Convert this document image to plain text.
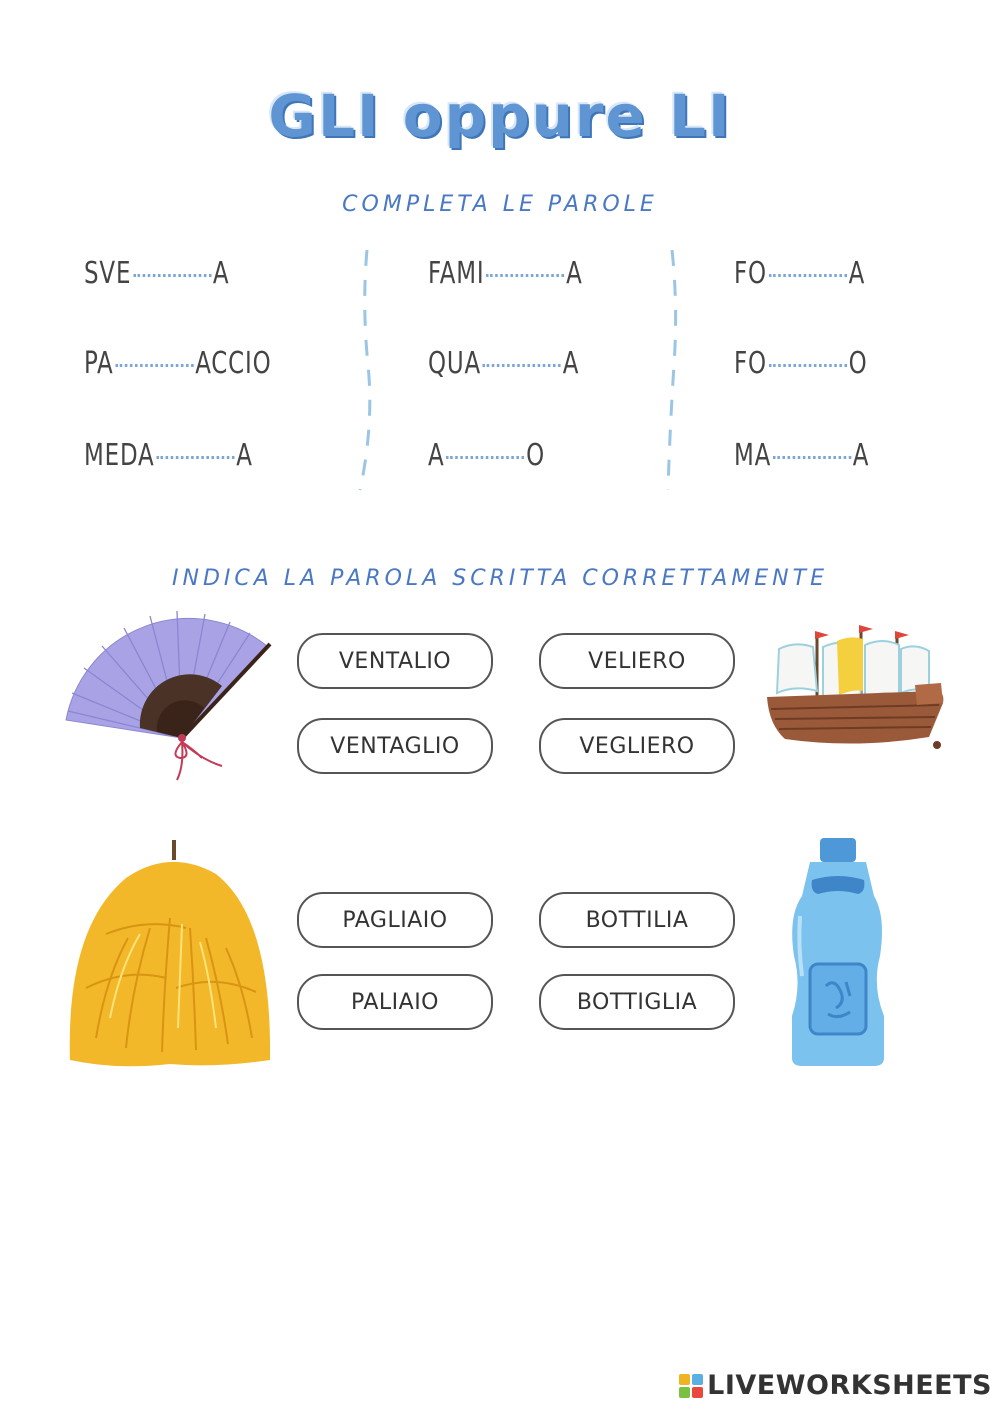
GLI oppure LI
COMPLETA LE PAROLE
SVE	A
PA	ACCIO
MEDA	A
FAMI	A
QUA	A
A	O
FO	A
FO	O
MA	A
INDICA LA PAROLA SCRITTA CORRETTAMENTE
VENTALIO
VENTAGLIO
VELIERO
VEGLIERO
PAGLIAIO
PALIAIO
BOTTILIA
BOTTIGLIA
LIVEWORKSHEETS
